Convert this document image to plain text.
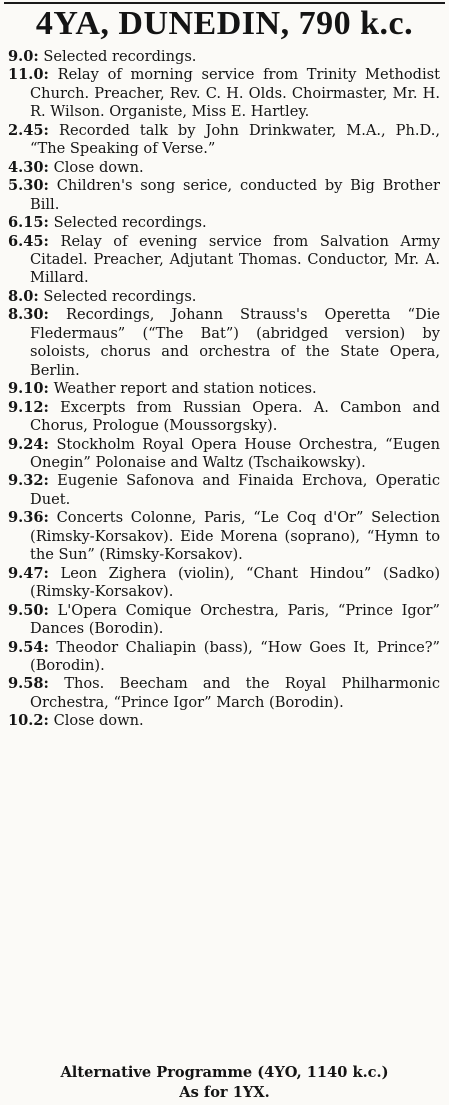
4YA, DUNEDIN, 790 k.c.
9.0: Selected recordings.
11.0: Relay of morning service from Trinity Methodist Church. Preacher, Rev. C. H. Olds. Choirmaster, Mr. H. R. Wilson. Organiste, Miss E. Hartley.
2.45: Recorded talk by John Drinkwater, M.A., Ph.D., “The Speaking of Verse.”
4.30: Close down.
5.30: Children's song serice, conducted by Big Brother Bill.
6.15: Selected recordings.
6.45: Relay of evening service from Salvation Army Citadel. Preacher, Adjutant Thomas. Conductor, Mr. A. Millard.
8.0: Selected recordings.
8.30: Recordings, Johann Strauss's Operetta “Die Fledermaus” (“The Bat”) (abridged version) by soloists, chorus and orchestra of the State Opera, Berlin.
9.10: Weather report and station notices.
9.12: Excerpts from Russian Opera. A. Cambon and Chorus, Prologue (Moussorgsky).
9.24: Stockholm Royal Opera House Orchestra, “Eugen Onegin” Polonaise and Waltz (Tschaikowsky).
9.32: Eugenie Safonova and Finaida Erchova, Operatic Duet.
9.36: Concerts Colonne, Paris, “Le Coq d'Or” Selection (Rimsky-Korsakov). Eide Morena (soprano), “Hymn to the Sun” (Rimsky-Korsakov).
9.47: Leon Zighera (violin), “Chant Hindou” (Sadko) (Rimsky-Korsakov).
9.50: L'Opera Comique Orchestra, Paris, “Prince Igor” Dances (Borodin).
9.54: Theodor Chaliapin (bass), “How Goes It, Prince?” (Borodin).
9.58: Thos. Beecham and the Royal Philharmonic Orchestra, “Prince Igor” March (Borodin).
10.2: Close down.
Alternative Programme (4YO, 1140 k.c.)
As for 1YX.
